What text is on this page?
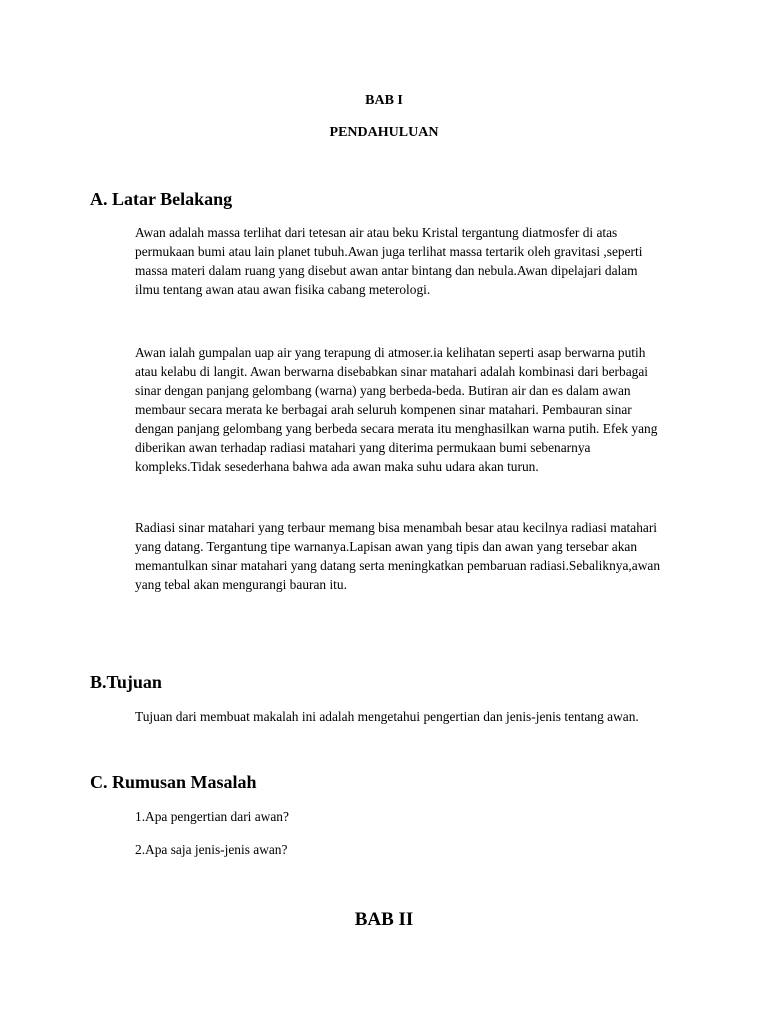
BAB I
PENDAHULUAN
A. Latar Belakang
Awan adalah massa terlihat dari tetesan air atau beku Kristal tergantung diatmosfer di atas
permukaan bumi atau lain planet tubuh.Awan juga terlihat massa tertarik oleh gravitasi ,seperti
massa materi dalam ruang yang disebut awan antar bintang dan nebula.Awan dipelajari dalam
ilmu tentang awan atau awan fisika cabang meterologi.
Awan ialah gumpalan uap air yang terapung di atmoser.ia kelihatan seperti asap berwarna putih
atau kelabu di langit. Awan berwarna disebabkan sinar matahari adalah kombinasi dari berbagai
sinar dengan panjang gelombang (warna) yang berbeda-beda. Butiran air dan es dalam awan
membaur secara merata ke berbagai arah seluruh kompenen sinar matahari. Pembauran sinar
dengan panjang gelombang yang berbeda secara merata itu menghasilkan warna putih. Efek yang
diberikan awan terhadap radiasi matahari yang diterima permukaan bumi sebenarnya
kompleks.Tidak sesederhana bahwa ada awan maka suhu udara akan turun.
Radiasi sinar matahari yang terbaur memang bisa menambah besar atau kecilnya radiasi matahari
yang datang. Tergantung tipe warnanya.Lapisan awan yang tipis dan awan yang tersebar akan
memantulkan sinar matahari yang datang serta meningkatkan pembaruan radiasi.Sebaliknya,awan
yang tebal akan mengurangi bauran itu.
B.Tujuan
Tujuan dari membuat makalah ini adalah mengetahui pengertian dan jenis-jenis tentang awan.
C. Rumusan Masalah
1.Apa pengertian dari awan?
2.Apa saja jenis-jenis awan?
BAB II
